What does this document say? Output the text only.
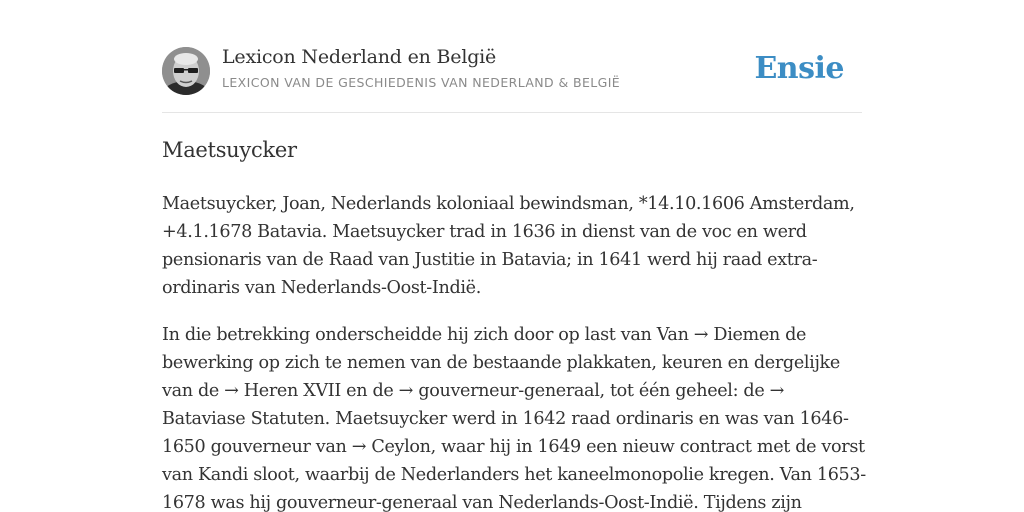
Lexicon Nederland en België
LEXICON VAN DE GESCHIEDENIS VAN NEDERLAND & BELGIË	Ensie
Maetsuycker

Maetsuycker, Joan, Nederlands koloniaal bewindsman, *14.10.1606 Amsterdam,
+4.1.1678 Batavia. Maetsuycker trad in 1636 in dienst van de voc en werd
pensionaris van de Raad van Justitie in Batavia; in 1641 werd hij raad extra-
ordinaris van Nederlands-Oost-Indië.

In die betrekking onderscheidde hij zich door op last van Van → Diemen de
bewerking op zich te nemen van de bestaande plakkaten, keuren en dergelijke
van de → Heren XVII en de → gouverneur-generaal, tot één geheel: de →
Bataviase Statuten. Maetsuycker werd in 1642 raad ordinaris en was van 1646-
1650 gouverneur van → Ceylon, waar hij in 1649 een nieuw contract met de vorst
van Kandi sloot, waarbij de Nederlanders het kaneelmonopolie kregen. Van 1653-
1678 was hij gouverneur-generaal van Nederlands-Oost-Indië. Tijdens zijn
